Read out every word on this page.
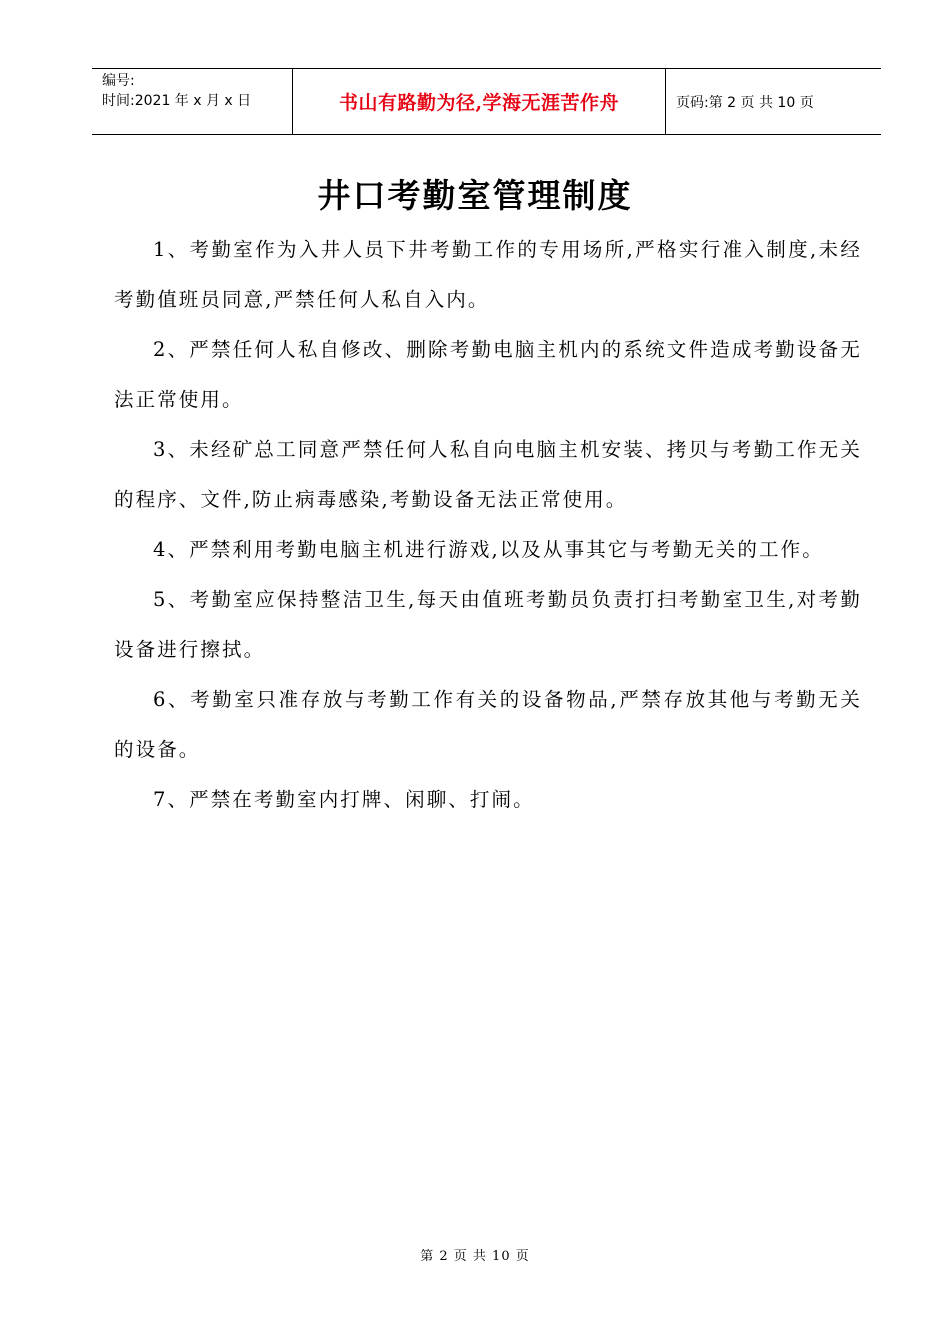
编号:
时间:2021 年 x 月 x 日	书山有路勤为径,学海无涯苦作舟	页码:第 2 页 共 10 页
井口考勤室管理制度

1、考勤室作为入井人员下井考勤工作的专用场所,严格实行准入制度,未经考勤值班员同意,严禁任何人私自入内。

2、严禁任何人私自修改、删除考勤电脑主机内的系统文件造成考勤设备无法正常使用。

3、未经矿总工同意严禁任何人私自向电脑主机安装、拷贝与考勤工作无关的程序、文件,防止病毒感染,考勤设备无法正常使用。

4、严禁利用考勤电脑主机进行游戏,以及从事其它与考勤无关的工作。

5、考勤室应保持整洁卫生,每天由值班考勤员负责打扫考勤室卫生,对考勤设备进行擦拭。

6、考勤室只准存放与考勤工作有关的设备物品,严禁存放其他与考勤无关的设备。

7、严禁在考勤室内打牌、闲聊、打闹。

第 2 页 共 10 页
